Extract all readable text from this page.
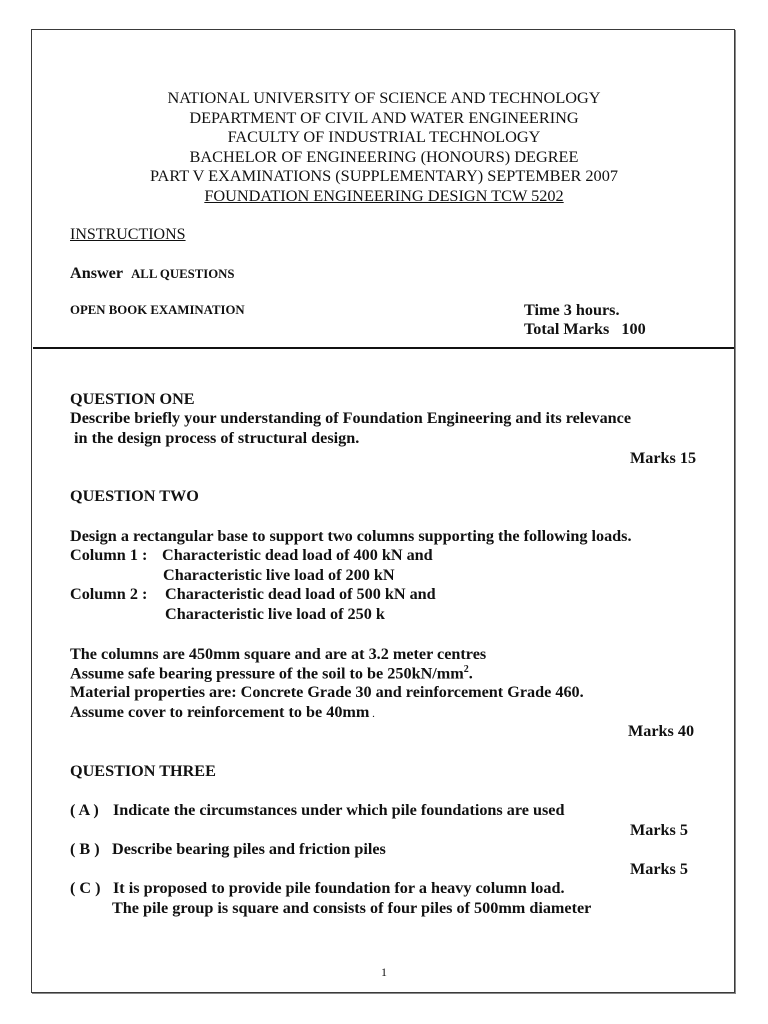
NATIONAL UNIVERSITY OF SCIENCE AND TECHNOLOGY
DEPARTMENT OF CIVIL AND WATER ENGINEERING
FACULTY OF INDUSTRIAL TECHNOLOGY
BACHELOR OF ENGINEERING (HONOURS) DEGREE
PART V EXAMINATIONS (SUPPLEMENTARY) SEPTEMBER 2007
FOUNDATION ENGINEERING DESIGN TCW 5202
INSTRUCTIONS
Answer ALL QUESTIONS
OPEN BOOK EXAMINATION	Time 3 hours.
Total Marks   100
QUESTION ONE
Describe briefly your understanding of Foundation Engineering and its relevance
in the design process of structural design.
Marks 15
QUESTION TWO
Design a rectangular base to support two columns supporting the following loads.
Column 1 : Characteristic dead load of 400 kN and
Characteristic live load of 200 kN
Column 2 : Characteristic dead load of 500 kN and
Characteristic live load of 250 k
The columns are 450mm square and are at 3.2 meter centres
Assume safe bearing pressure of the soil to be $250kN/mm^2$.
Material properties are: Concrete Grade 30 and reinforcement Grade 460.
Assume cover to reinforcement to be 40mm .
Marks 40
QUESTION THREE
( A ) Indicate the circumstances under which pile foundations are used
Marks 5
( B ) Describe bearing piles and friction piles
Marks 5
( C ) It is proposed to provide pile foundation for a heavy column load.
The pile group is square and consists of four piles of 500mm diameter
1
